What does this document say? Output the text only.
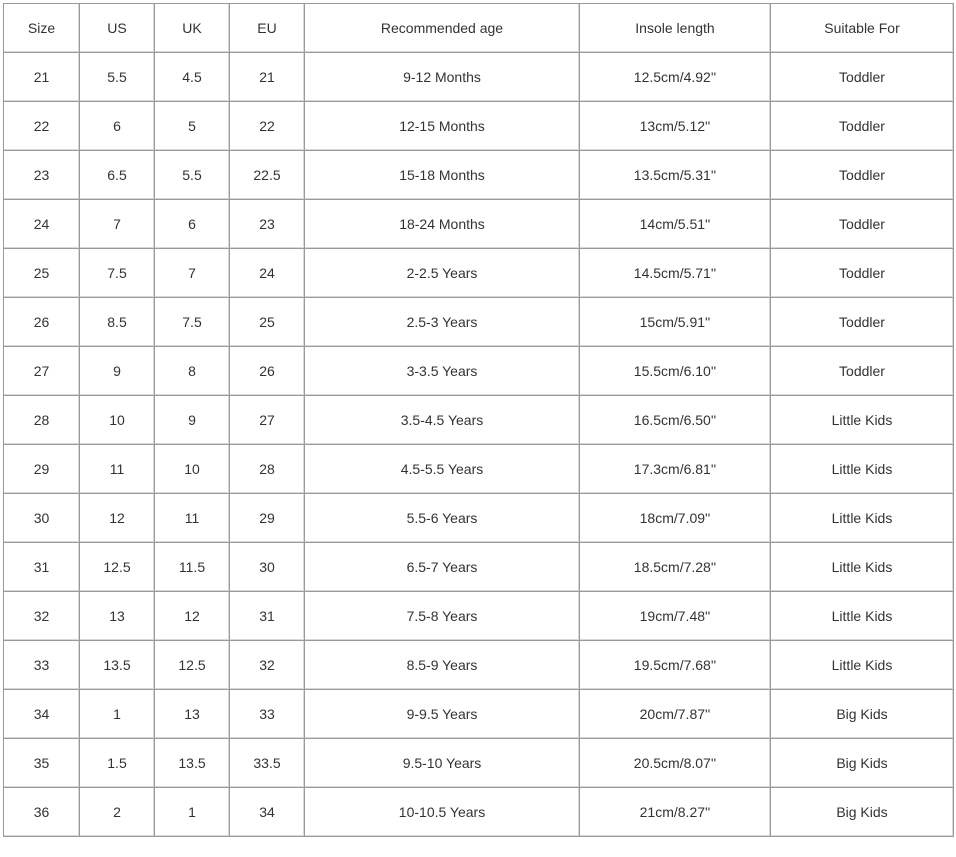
Size	US	UK	EU	Recommended age	Insole length	Suitable For
21	5.5	4.5	21	9-12 Months	12.5cm/4.92''	Toddler
22	6	5	22	12-15 Months	13cm/5.12''	Toddler
23	6.5	5.5	22.5	15-18 Months	13.5cm/5.31''	Toddler
24	7	6	23	18-24 Months	14cm/5.51''	Toddler
25	7.5	7	24	2-2.5 Years	14.5cm/5.71''	Toddler
26	8.5	7.5	25	2.5-3 Years	15cm/5.91''	Toddler
27	9	8	26	3-3.5 Years	15.5cm/6.10''	Toddler
28	10	9	27	3.5-4.5 Years	16.5cm/6.50''	Little Kids
29	11	10	28	4.5-5.5 Years	17.3cm/6.81''	Little Kids
30	12	11	29	5.5-6 Years	18cm/7.09''	Little Kids
31	12.5	11.5	30	6.5-7 Years	18.5cm/7.28''	Little Kids
32	13	12	31	7.5-8 Years	19cm/7.48''	Little Kids
33	13.5	12.5	32	8.5-9 Years	19.5cm/7.68''	Little Kids
34	1	13	33	9-9.5 Years	20cm/7.87''	Big Kids
35	1.5	13.5	33.5	9.5-10 Years	20.5cm/8.07''	Big Kids
36	2	1	34	10-10.5 Years	21cm/8.27''	Big Kids
